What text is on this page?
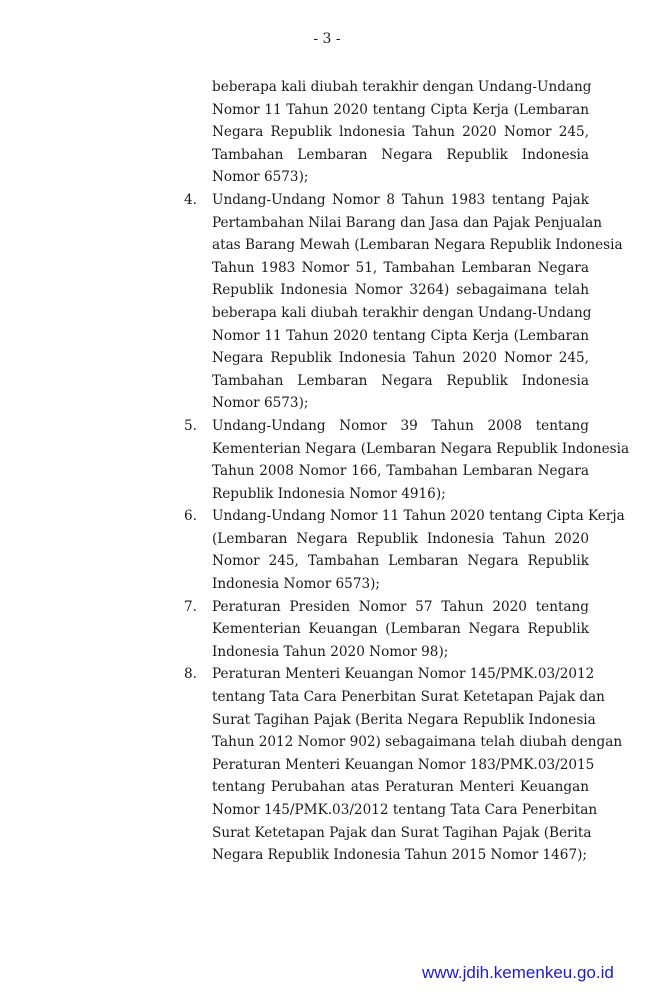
- 3 -
beberapa kali diubah terakhir dengan Undang-Undang
Nomor 11 Tahun 2020 tentang Cipta Kerja (Lembaran
Negara Republik lndonesia Tahun 2020 Nomor 245,
Tambahan Lembaran Negara Republik Indonesia
Nomor 6573);
4. Undang-Undang Nomor 8 Tahun 1983 tentang Pajak
Pertambahan Nilai Barang dan Jasa dan Pajak Penjualan
atas Barang Mewah (Lembaran Negara Republik Indonesia
Tahun 1983 Nomor 51, Tambahan Lembaran Negara
Republik Indonesia Nomor 3264) sebagaimana telah
beberapa kali diubah terakhir dengan Undang-Undang
Nomor 11 Tahun 2020 tentang Cipta Kerja (Lembaran
Negara Republik Indonesia Tahun 2020 Nomor 245,
Tambahan Lembaran Negara Republik Indonesia
Nomor 6573);
5. Undang-Undang Nomor 39 Tahun 2008 tentang
Kementerian Negara (Lembaran Negara Republik Indonesia
Tahun 2008 Nomor 166, Tambahan Lembaran Negara
Republik Indonesia Nomor 4916);
6. Undang-Undang Nomor 11 Tahun 2020 tentang Cipta Kerja
(Lembaran Negara Republik Indonesia Tahun 2020
Nomor 245, Tambahan Lembaran Negara Republik
Indonesia Nomor 6573);
7. Peraturan Presiden Nomor 57 Tahun 2020 tentang
Kementerian Keuangan (Lembaran Negara Republik
Indonesia Tahun 2020 Nomor 98);
8. Peraturan Menteri Keuangan Nomor 145/PMK.03/2012
tentang Tata Cara Penerbitan Surat Ketetapan Pajak dan
Surat Tagihan Pajak (Berita Negara Republik Indonesia
Tahun 2012 Nomor 902) sebagaimana telah diubah dengan
Peraturan Menteri Keuangan Nomor 183/PMK.03/2015
tentang Perubahan atas Peraturan Menteri Keuangan
Nomor 145/PMK.03/2012 tentang Tata Cara Penerbitan
Surat Ketetapan Pajak dan Surat Tagihan Pajak (Berita
Negara Republik Indonesia Tahun 2015 Nomor 1467);
www.jdih.kemenkeu.go.id
